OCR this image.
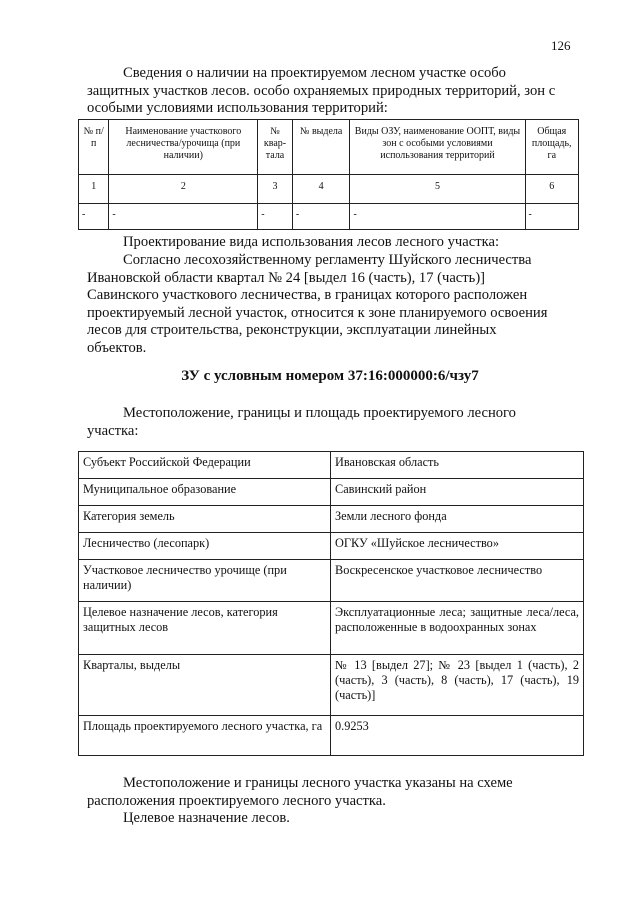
126
Сведения о наличии на проектируемом лесном участке особо
защитных участков лесов. особо охраняемых природных территорий, зон с
особыми условиями использования территорий:
№ п/п	Наименование участкового лесничества/урочища (при наличии)	№ квар-тала	№ выдела	Виды ОЗУ, наименование ООПТ, виды зон с особыми условиями использования территорий	Общая площадь, га
1	2	3	4	5	6
-	-	-	-	-	-
Проектирование вида использования лесов лесного участка:
Согласно лесохозяйственному регламенту Шуйского лесничества
Ивановской области квартал № 24 [выдел 16 (часть), 17 (часть)]
Савинского участкового лесничества, в границах которого расположен
проектируемый лесной участок, относится к зоне планируемого освоения
лесов для строительства, реконструкции, эксплуатации линейных
объектов.
ЗУ с условным номером 37:16:000000:6/чзу7
Местоположение, границы и площадь проектируемого лесного
участка:
Субъект Российской Федерации	Ивановская область
Муниципальное образование	Савинский район
Категория земель	Земли лесного фонда
Лесничество (лесопарк)	ОГКУ «Шуйское лесничество»
Участковое лесничество урочище (при наличии)	Воскресенское участковое лесничество
Целевое назначение лесов, категория защитных лесов	Эксплуатационные леса; защитные леса/леса, расположенные в водоохранных зонах
Кварталы, выделы	№ 13 [выдел 27]; № 23 [выдел 1 (часть), 2 (часть), 3 (часть), 8 (часть), 17 (часть), 19 (часть)]
Площадь проектируемого лесного участка, га	0.9253
Местоположение и границы лесного участка указаны на схеме
расположения проектируемого лесного участка.
Целевое назначение лесов.
